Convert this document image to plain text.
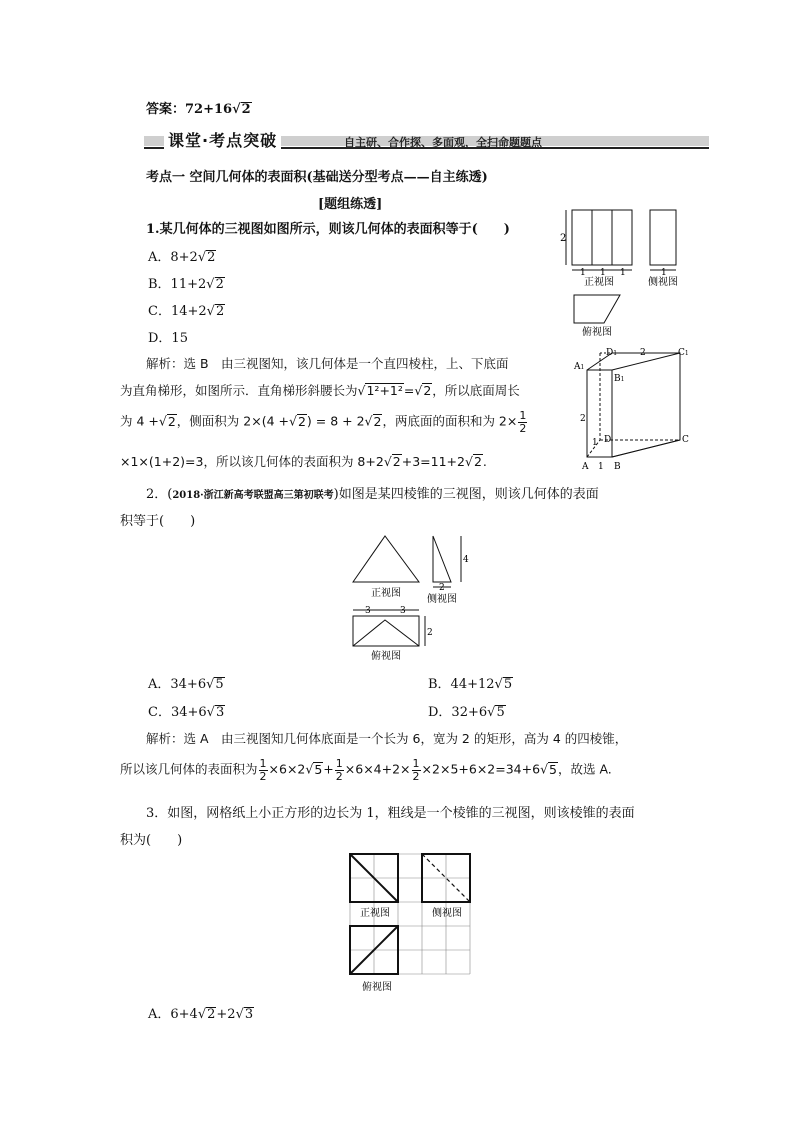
答案：72+16√2
课堂·考点突破	自主研、合作探、多面观，全扫命题题点
考点一 空间几何体的表面积(基础送分型考点——自主练透)
[题组练透]
1.某几何体的三视图如图所示，则该几何体的表面积等于(　　)
A．8+2√2
B．11+2√2
C．14+2√2
D．15
2
1 1 1	1
正视图	侧视图
俯视图
D1	2	C1
A1
B1
2
1 D	C
A 1 B
解析：选 B　由三视图知，该几何体是一个直四棱柱，上、下底面
为直角梯形，如图所示．直角梯形斜腰长为√1²+1²=√2，所以底面周长
为 4 +√2，侧面积为 2×(4 +√2) = 8 + 2√2，两底面的面积和为 $2\times \frac{1}{2}$
×1×(1+2)=3，所以该几何体的表面积为 8+2√2+3=11+2√2.
2．(2018·浙江新高考联盟高三第初联考)如图是某四棱锥的三视图，则该几何体的表面
积等于(　　)
4
2
正视图
侧视图
3	3
2
俯视图
A．34+6√5	B．44+12√5
C．34+6√3	D．32+6√5
解析：选 A　由三视图知几何体底面是一个长为 6，宽为 2 的矩形，高为 4 的四棱锥，
所以该几何体的表面积为 $\frac{1}{2} \times 6\times 2√5+ \frac{1}{2} \times 6\times 4+2\times \frac{1}{2} \times 2\times 5+6\times 2=34+6√5$，故选 A.
3．如图，网格纸上小正方形的边长为 1，粗线是一个棱锥的三视图，则该棱锥的表面
积为(　　)
正视图	侧视图
俯视图
A．6+4√2+2√3
